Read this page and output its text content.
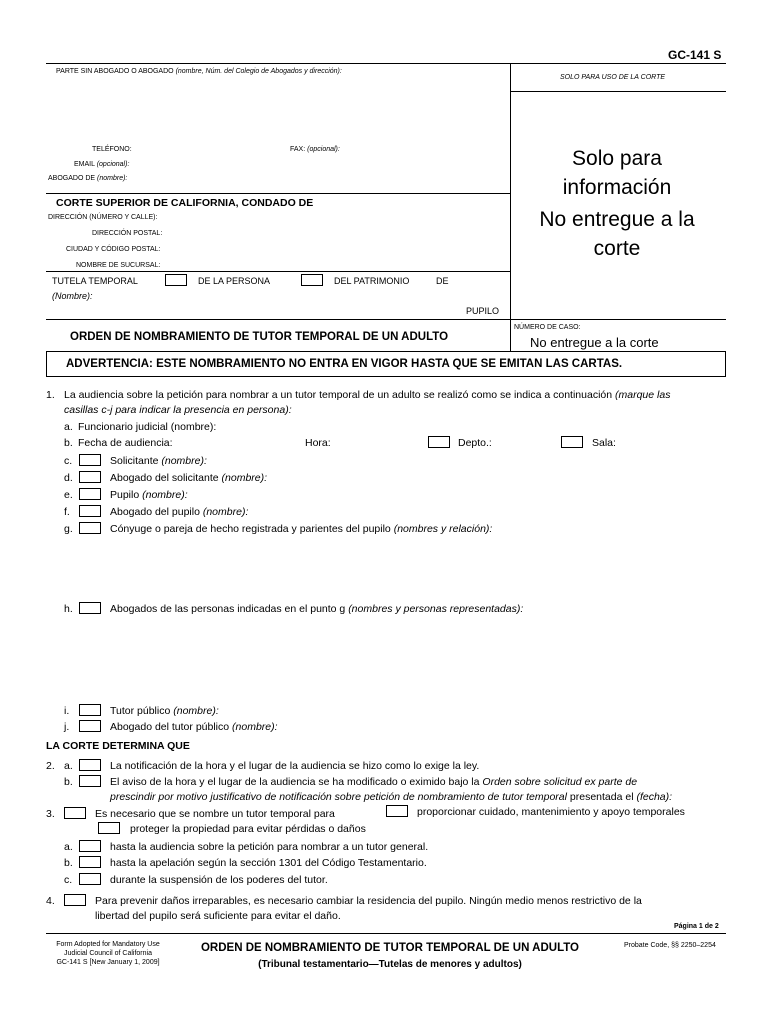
GC-141 S
PARTE SIN ABOGADO O ABOGADO (nombre, Núm. del Colegio de Abogados y dirección):
SOLO PARA USO DE LA CORTE
TELÉFONO:	FAX: (opcional):
EMAIL (opcional):
ABOGADO DE (nombre):
CORTE SUPERIOR DE CALIFORNIA, CONDADO DE
DIRECCIÓN (NÚMERO Y CALLE):
DIRECCIÓN POSTAL:
CIUDAD Y CÓDIGO POSTAL:
NOMBRE DE SUCURSAL:
TUTELA TEMPORAL	DE LA PERSONA	DEL PATRIMONIO	DE
(Nombre):
PUPILO
Solo para
información
No entregue a la
corte
ORDEN DE NOMBRAMIENTO DE TUTOR TEMPORAL DE UN ADULTO
NÚMERO DE CASO:
No entregue a la corte
ADVERTENCIA: ESTE NOMBRAMIENTO NO ENTRA EN VIGOR HASTA QUE SE EMITAN LAS CARTAS.
1. La audiencia sobre la petición para nombrar a un tutor temporal de un adulto se realizó como se indica a continuación (marque las
casillas c-j para indicar la presencia en persona):
a. Funcionario judicial (nombre):
b. Fecha de audiencia:	Hora:	Depto.:	Sala:
c.	Solicitante (nombre):
d.	Abogado del solicitante (nombre):
e.	Pupilo (nombre):
f.	Abogado del pupilo (nombre):
g.	Cónyuge o pareja de hecho registrada y parientes del pupilo (nombres y relación):
h.	Abogados de las personas indicadas en el punto g (nombres y personas representadas):
i.	Tutor público (nombre):
j.	Abogado del tutor público (nombre):
LA CORTE DETERMINA QUE
2. a.	La notificación de la hora y el lugar de la audiencia se hizo como lo exige la ley.
b.	El aviso de la hora y el lugar de la audiencia se ha modificado o eximido bajo la Orden sobre solicitud ex parte de
prescindir por motivo justificativo de notificación sobre petición de nombramiento de tutor temporal presentada el (fecha):
3.	Es necesario que se nombre un tutor temporal para	proporcionar cuidado, mantenimiento y apoyo temporales
proteger la propiedad para evitar pérdidas o daños
a.	hasta la audiencia sobre la petición para nombrar a un tutor general.
b.	hasta la apelación según la sección 1301 del Código Testamentario.
c.	durante la suspensión de los poderes del tutor.
4.	Para prevenir daños irreparables, es necesario cambiar la residencia del pupilo. Ningún medio menos restrictivo de la
libertad del pupilo será suficiente para evitar el daño.
Página 1 de 2
Form Adopted for Mandatory Use
Judicial Council of California
GC-141 S [New January 1, 2009]
ORDEN DE NOMBRAMIENTO DE TUTOR TEMPORAL DE UN ADULTO
(Tribunal testamentario—Tutelas de menores y adultos)
Probate Code, §§ 2250–2254
